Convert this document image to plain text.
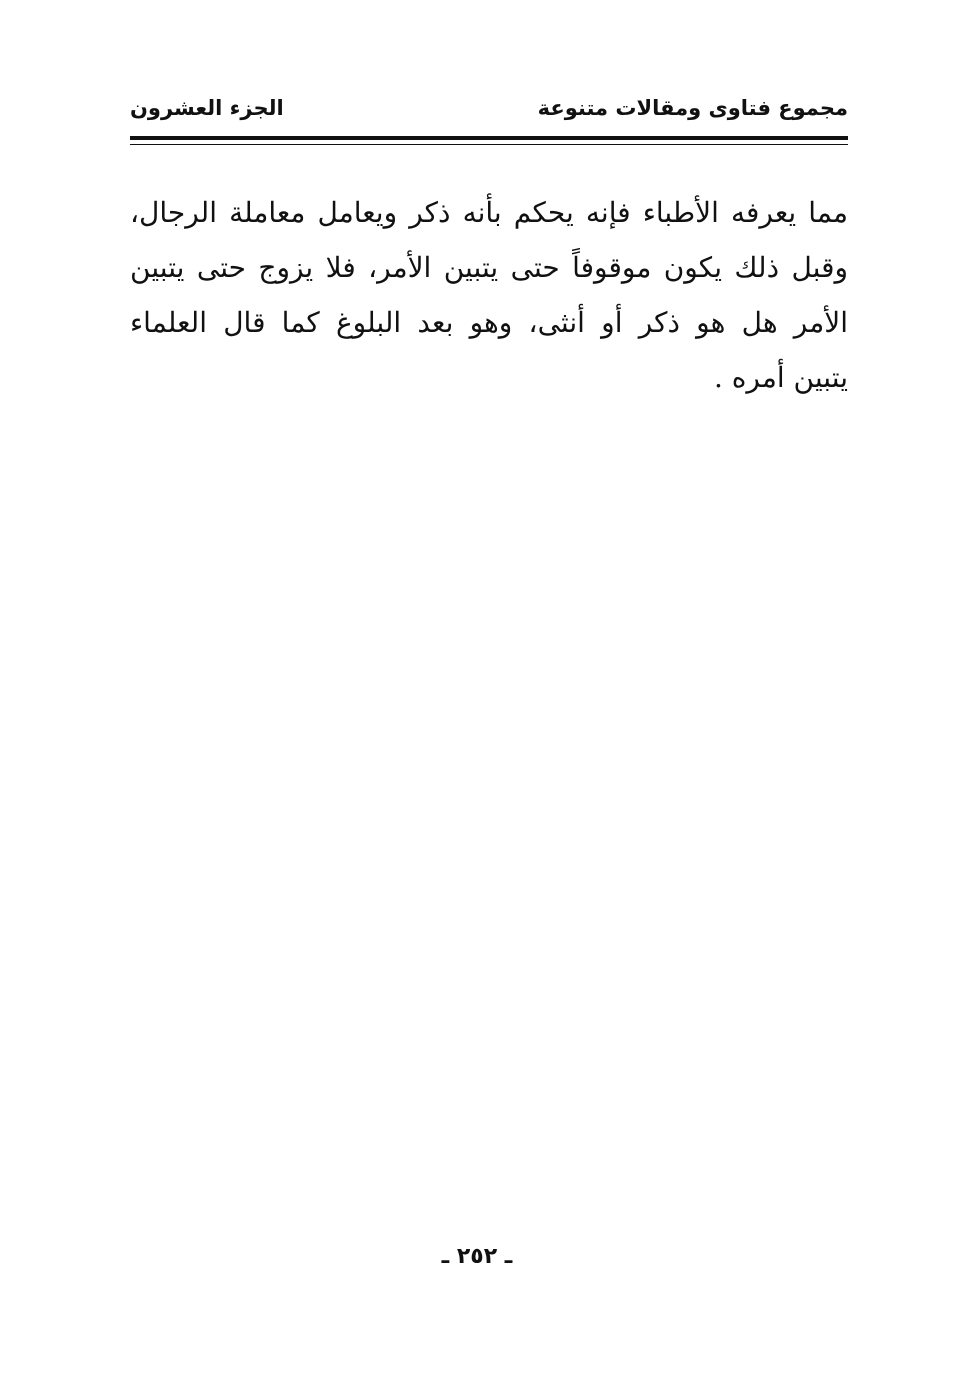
مجموع فتاوى ومقالات متنوعة
الجزء العشرون
مما يعرفه الأطباء فإنه يحكم بأنه ذكر ويعامل معاملة الرجال،
وقبل ذلك يكون موقوفاً حتى يتبين الأمر، فلا يزوج حتى يتبين
الأمر هل هو ذكر أو أنثى، وهو بعد البلوغ كما قال العلماء
يتبين أمره .
ـ ٢٥٢ ـ
